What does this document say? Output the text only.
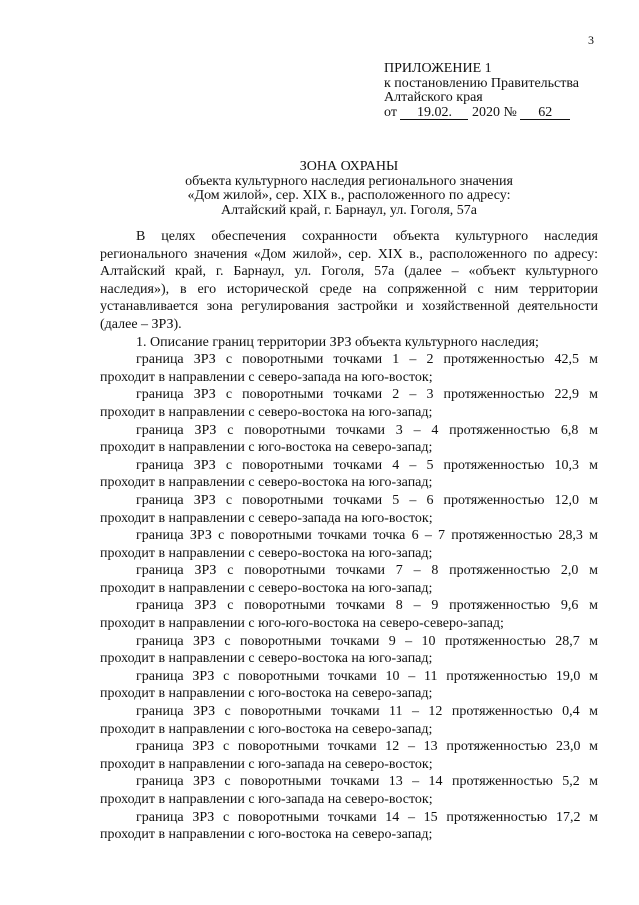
3
ПРИЛОЖЕНИЕ 1
к постановлению Правительства
Алтайского края
от 19.02. 2020 № 62
ЗОНА ОХРАНЫ
объекта культурного наследия регионального значения
«Дом жилой», сер. XIX в., расположенного по адресу:
Алтайский край, г. Барнаул, ул. Гоголя, 57а

В целях обеспечения сохранности объекта культурного наследия регионального значения «Дом жилой», сер. XIX в., расположенного по адресу: Алтайский край, г. Барнаул, ул. Гоголя, 57а (далее – «объект культурного наследия»), в его исторической среде на сопряженной с ним территории устанавливается зона регулирования застройки и хозяйственной деятельности (далее – ЗРЗ).

1. Описание границ территории ЗРЗ объекта культурного наследия;

граница ЗРЗ с поворотными точками 1 – 2 протяженностью 42,5 м
проходит в направлении с северо-запада на юго-восток;
граница ЗРЗ с поворотными точками 2 – 3 протяженностью 22,9 м
проходит в направлении с северо-востока на юго-запад;
граница ЗРЗ с поворотными точками 3 – 4 протяженностью 6,8 м
проходит в направлении с юго-востока на северо-запад;
граница ЗРЗ с поворотными точками 4 – 5 протяженностью 10,3 м
проходит в направлении с северо-востока на юго-запад;
граница ЗРЗ с поворотными точками 5 – 6 протяженностью 12,0 м
проходит в направлении с северо-запада на юго-восток;
граница ЗРЗ с поворотными точками точка 6 – 7 протяженностью 28,3 м
проходит в направлении с северо-востока на юго-запад;
граница ЗРЗ с поворотными точками 7 – 8 протяженностью 2,0 м
проходит в направлении с северо-востока на юго-запад;
граница ЗРЗ с поворотными точками 8 – 9 протяженностью 9,6 м
проходит в направлении с юго-юго-востока на северо-северо-запад;
граница ЗРЗ с поворотными точками 9 – 10 протяженностью 28,7 м
проходит в направлении с северо-востока на юго-запад;
граница ЗРЗ с поворотными точками 10 – 11 протяженностью 19,0 м
проходит в направлении с юго-востока на северо-запад;
граница ЗРЗ с поворотными точками 11 – 12 протяженностью 0,4 м
проходит в направлении с юго-востока на северо-запад;
граница ЗРЗ с поворотными точками 12 – 13 протяженностью 23,0 м
проходит в направлении с юго-запада на северо-восток;
граница ЗРЗ с поворотными точками 13 – 14 протяженностью 5,2 м
проходит в направлении с юго-запада на северо-восток;
граница ЗРЗ с поворотными точками 14 – 15 протяженностью 17,2 м
проходит в направлении с юго-востока на северо-запад;
